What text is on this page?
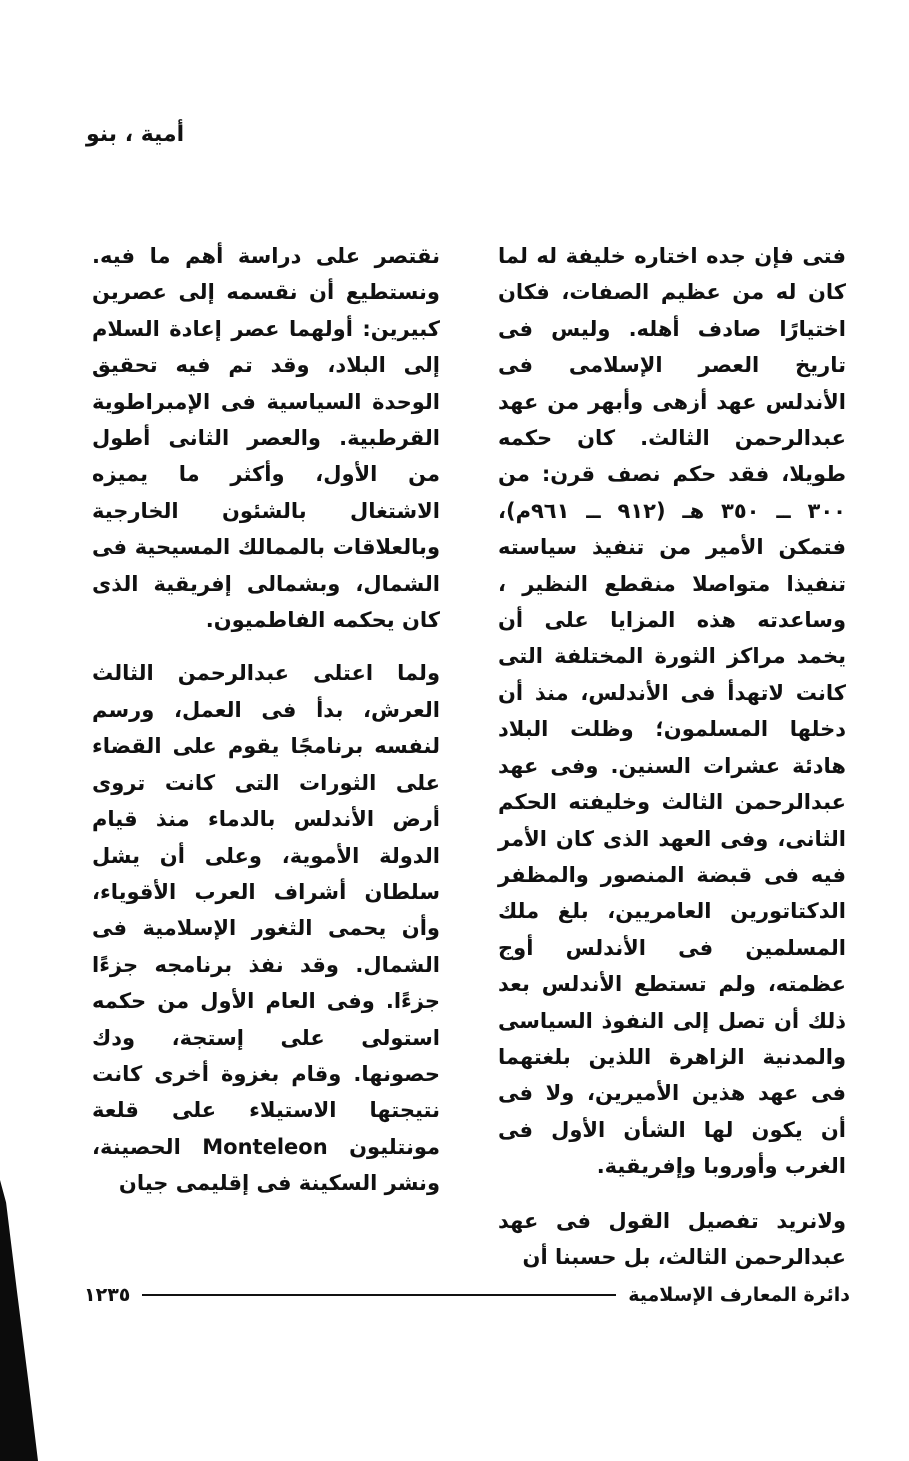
أمية ، بنو

فتى فإن جده اختاره خليفة له لما كان له من عظيم الصفات، فكان اختيارًا صادف أهله. وليس فى تاريخ العصر الإسلامى فى الأندلس عهد أزهى وأبهر من عهد عبدالرحمن الثالث. كان حكمه طويلا، فقد حكم نصف قرن: من ٣٠٠ ــ ٣٥٠ هـ (٩١٢ ــ ٩٦١م)، فتمكن الأمير من تنفيذ سياسته تنفيذا متواصلا منقطع النظير ، وساعدته هذه المزايا على أن يخمد مراكز الثورة المختلفة التى كانت لاتهدأ فى الأندلس، منذ أن دخلها المسلمون؛ وظلت البلاد هادئة عشرات السنين. وفى عهد عبدالرحمن الثالث وخليفته الحكم الثانى، وفى العهد الذى كان الأمر فيه فى قبضة المنصور والمظفر الدكتاتورين العامريين، بلغ ملك المسلمين فى الأندلس أوج عظمته، ولم تستطع الأندلس بعد ذلك أن تصل إلى النفوذ السياسى والمدنية الزاهرة اللذين بلغتهما فى عهد هذين الأميرين، ولا فى أن يكون لها الشأن الأول فى الغرب وأوروبا وإفريقية.

ولانريد تفصيل القول فى عهد عبدالرحمن الثالث، بل حسبنا أن

نقتصر على دراسة أهم ما فيه. ونستطيع أن نقسمه إلى عصرين كبيرين: أولهما عصر إعادة السلام إلى البلاد، وقد تم فيه تحقيق الوحدة السياسية فى الإمبراطوية القرطبية. والعصر الثانى أطول من الأول، وأكثر ما يميزه الاشتغال بالشئون الخارجية وبالعلاقات بالممالك المسيحية فى الشمال، وبشمالى إفريقية الذى كان يحكمه الفاطميون.

ولما اعتلى عبدالرحمن الثالث العرش، بدأ فى العمل، ورسم لنفسه برنامجًا يقوم على القضاء على الثورات التى كانت تروى أرض الأندلس بالدماء منذ قيام الدولة الأموية، وعلى أن يشل سلطان أشراف العرب الأقوياء، وأن يحمى الثغور الإسلامية فى الشمال. وقد نفذ برنامجه جزءًا جزءًا. وفى العام الأول من حكمه استولى على إستجة، ودك حصونها. وقام بغزوة أخرى كانت نتيجتها الاستيلاء على قلعة مونتليون Monteleon الحصينة، ونشر السكينة فى إقليمى جيان

دائرة المعارف الإسلامية
١٢٣٥
